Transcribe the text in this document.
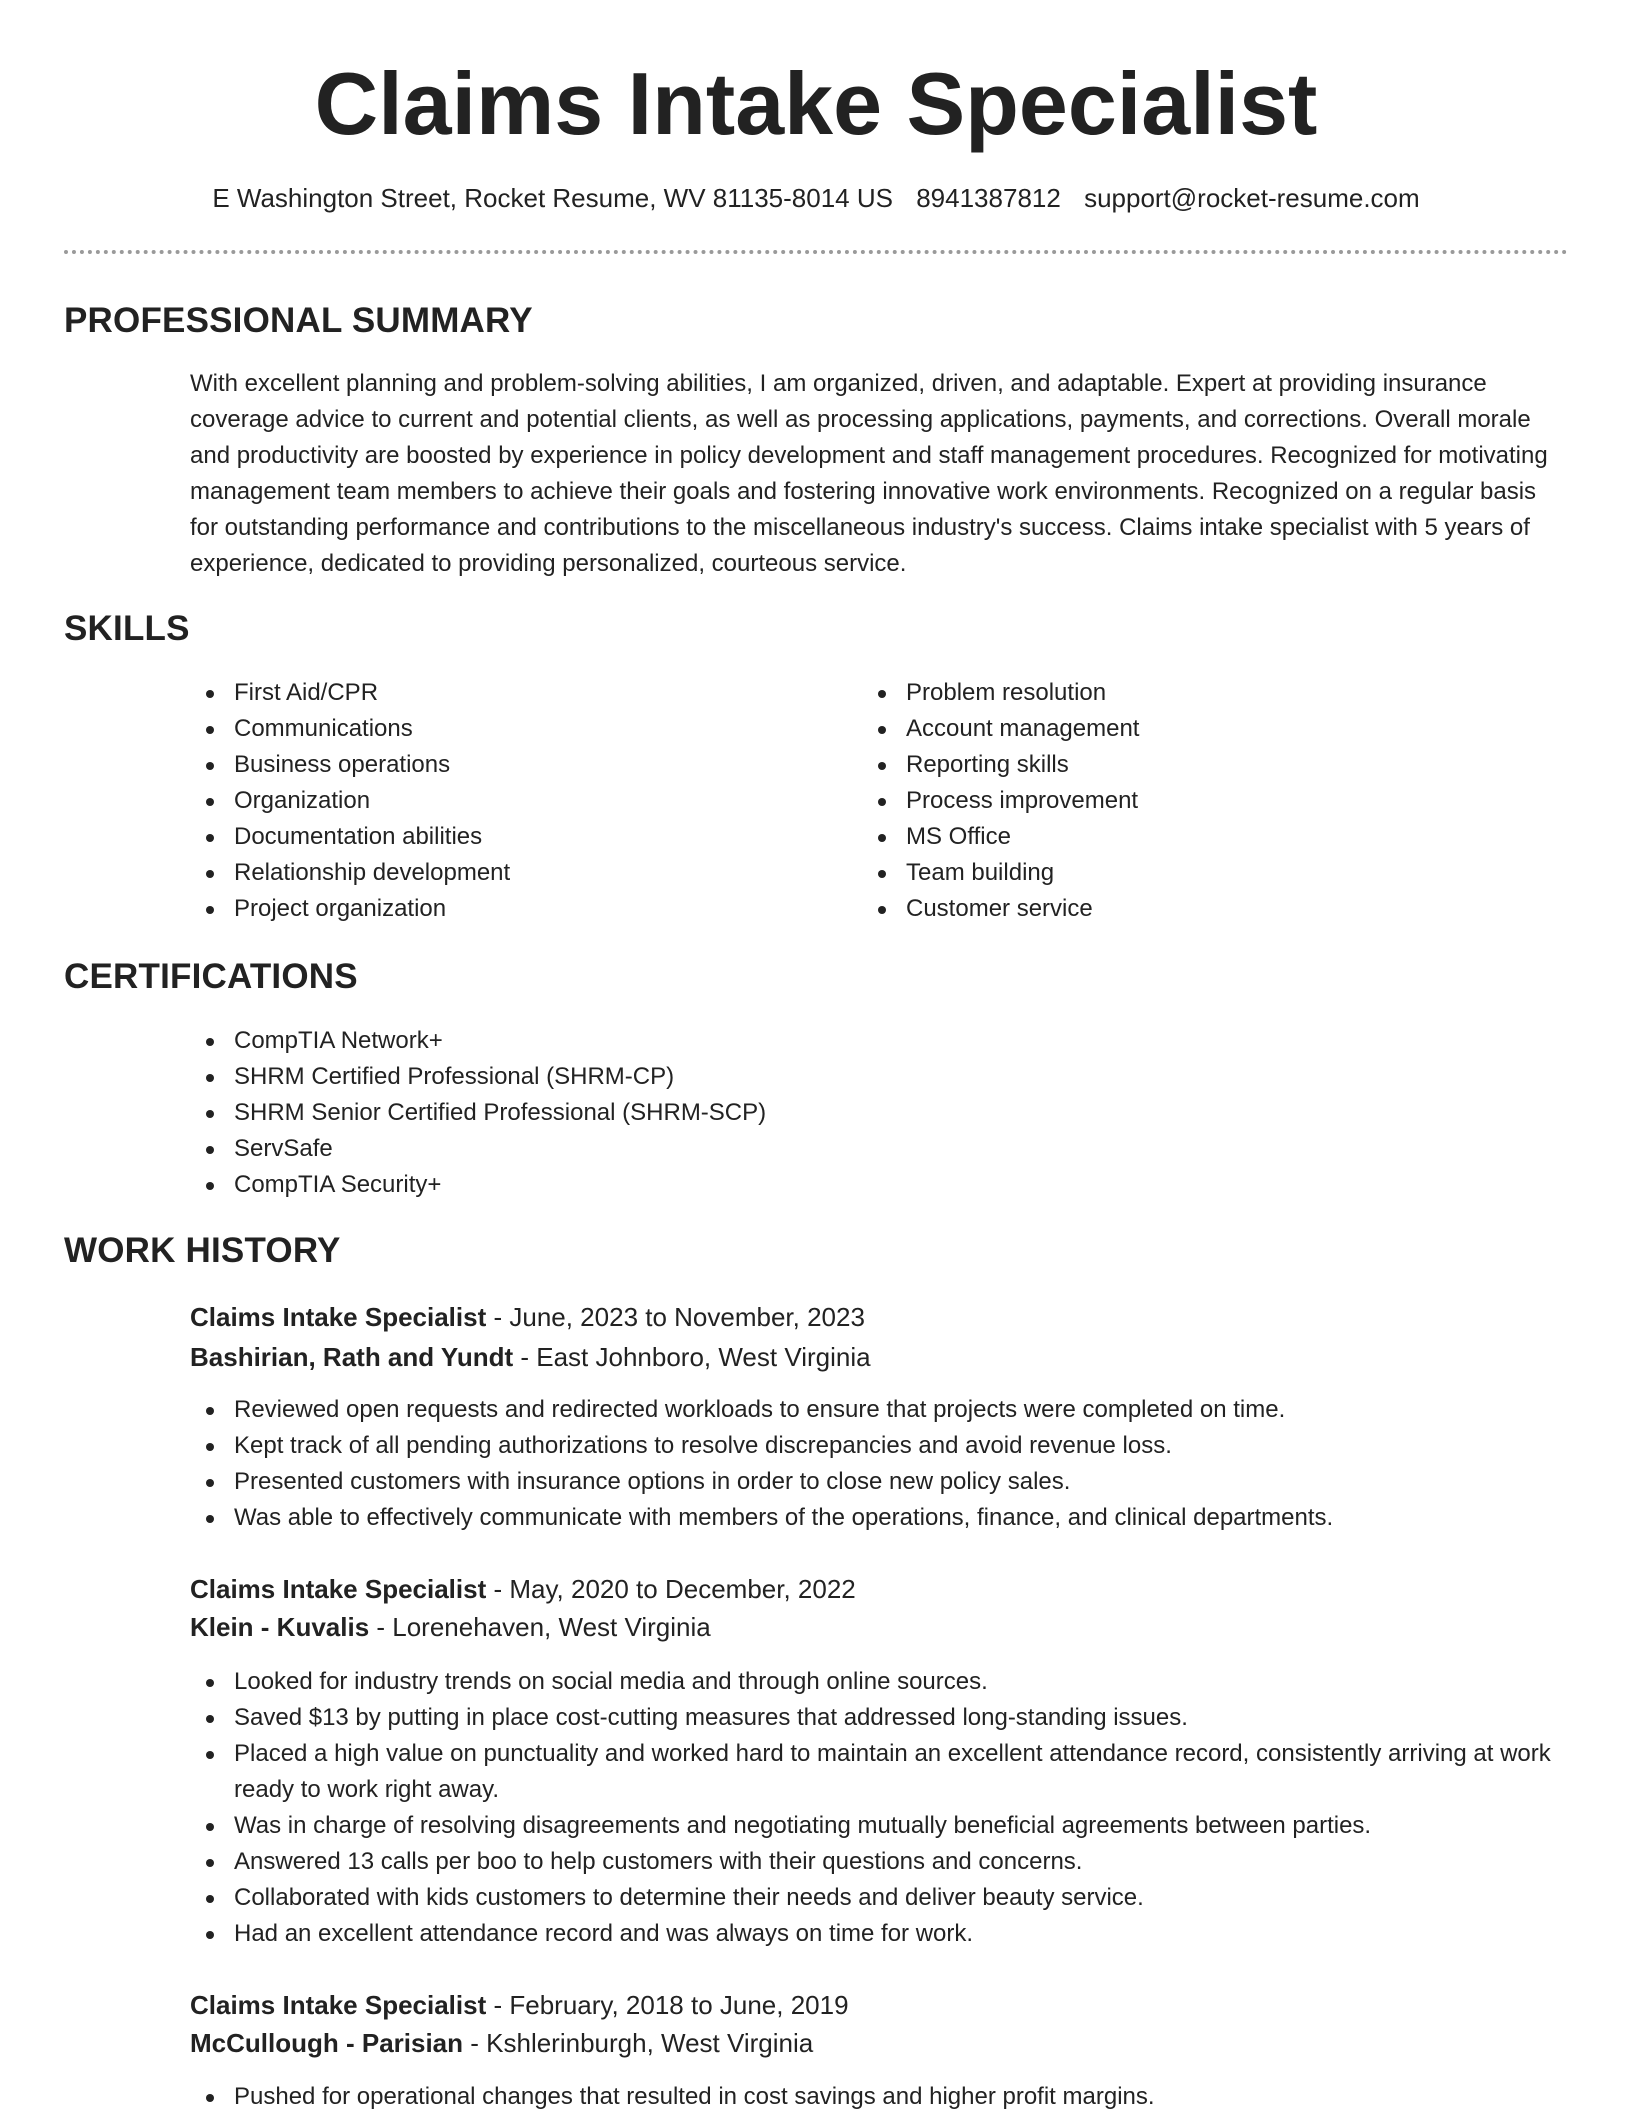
Claims Intake Specialist
E Washington Street, Rocket Resume, WV 81135-8014 US 8941387812 support@rocket-resume.com
PROFESSIONAL SUMMARY

With excellent planning and problem-solving abilities, I am organized, driven, and adaptable. Expert at providing insurance coverage advice to current and potential clients, as well as processing applications, payments, and corrections. Overall morale and productivity are boosted by experience in policy development and staff management procedures. Recognized for motivating management team members to achieve their goals and fostering innovative work environments. Recognized on a regular basis for outstanding performance and contributions to the miscellaneous industry's success. Claims intake specialist with 5 years of experience, dedicated to providing personalized, courteous service.

SKILLS
First Aid/CPR
Communications
Business operations
Organization
Documentation abilities
Relationship development
Project organization
Problem resolution
Account management
Reporting skills
Process improvement
MS Office
Team building
Customer service
CERTIFICATIONS
CompTIA Network+
SHRM Certified Professional (SHRM-CP)
SHRM Senior Certified Professional (SHRM-SCP)
ServSafe
CompTIA Security+
WORK HISTORY
Claims Intake Specialist - June, 2023 to November, 2023
Bashirian, Rath and Yundt - East Johnboro, West Virginia
Reviewed open requests and redirected workloads to ensure that projects were completed on time.
Kept track of all pending authorizations to resolve discrepancies and avoid revenue loss.
Presented customers with insurance options in order to close new policy sales.
Was able to effectively communicate with members of the operations, finance, and clinical departments.
Claims Intake Specialist - May, 2020 to December, 2022
Klein - Kuvalis - Lorenehaven, West Virginia
Looked for industry trends on social media and through online sources.
Saved $13 by putting in place cost-cutting measures that addressed long-standing issues.
Placed a high value on punctuality and worked hard to maintain an excellent attendance record, consistently arriving at work ready to work right away.
Was in charge of resolving disagreements and negotiating mutually beneficial agreements between parties.
Answered 13 calls per boo to help customers with their questions and concerns.
Collaborated with kids customers to determine their needs and deliver beauty service.
Had an excellent attendance record and was always on time for work.
Claims Intake Specialist - February, 2018 to June, 2019
McCullough - Parisian - Kshlerinburgh, West Virginia
Pushed for operational changes that resulted in cost savings and higher profit margins.
